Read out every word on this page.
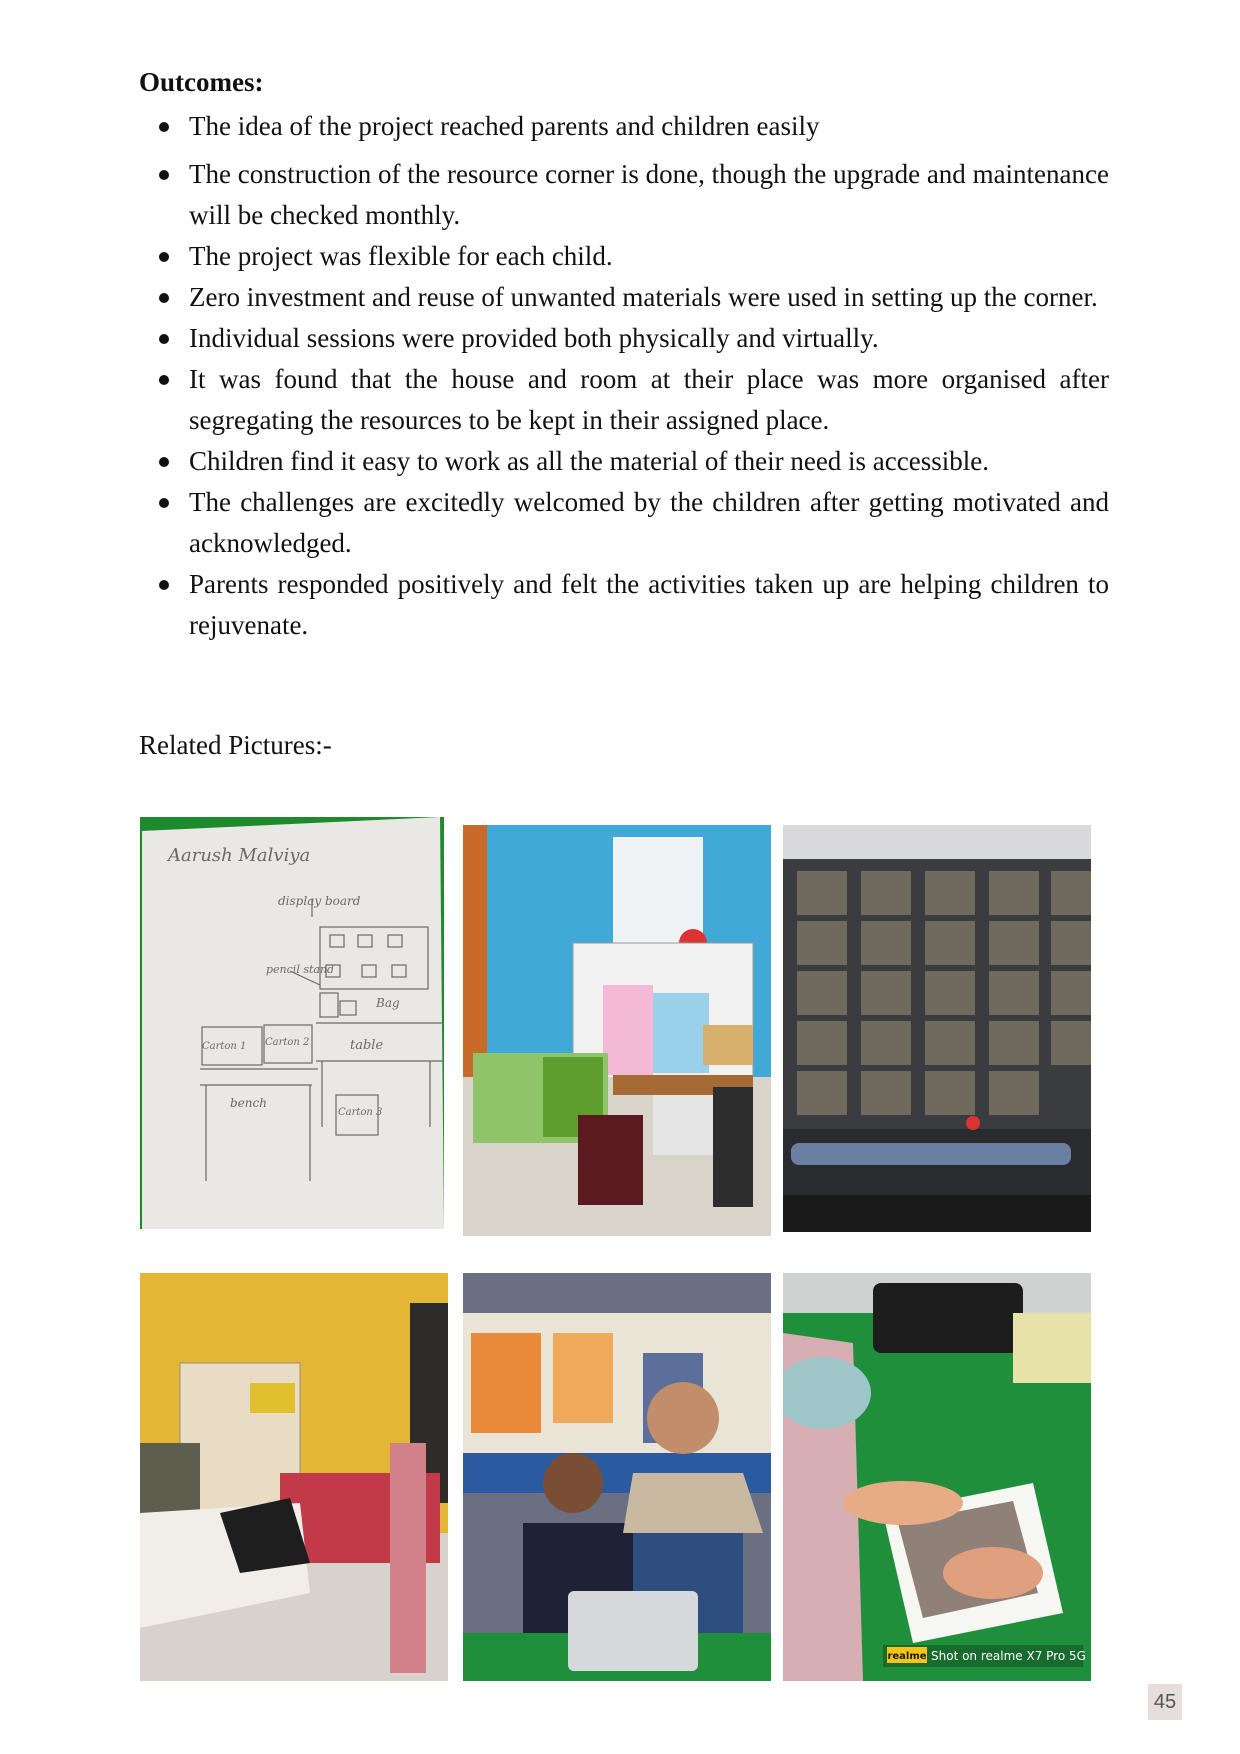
Outcomes:
The idea of the project reached parents and children easily
The construction of the resource corner is done, though the upgrade and maintenance will be checked monthly.
The project was flexible for each child.
Zero investment and reuse of unwanted materials were used in setting up the corner.
Individual sessions were provided both physically and virtually.
It was found that the house and room at their place was more organised after segregating the resources to be kept in their assigned place.
Children find it easy to work as all the material of their need is accessible.
The challenges are excitedly welcomed by the children after getting motivated and acknowledged.
Parents responded positively and felt the activities taken up are helping children to rejuvenate.
Related Pictures:-
Aarush Malviya
display board
pencil stand
Bag
Carton 1 Carton 2	table
bench
Carton 3
realme Shot on realme X7 Pro 5G
45
